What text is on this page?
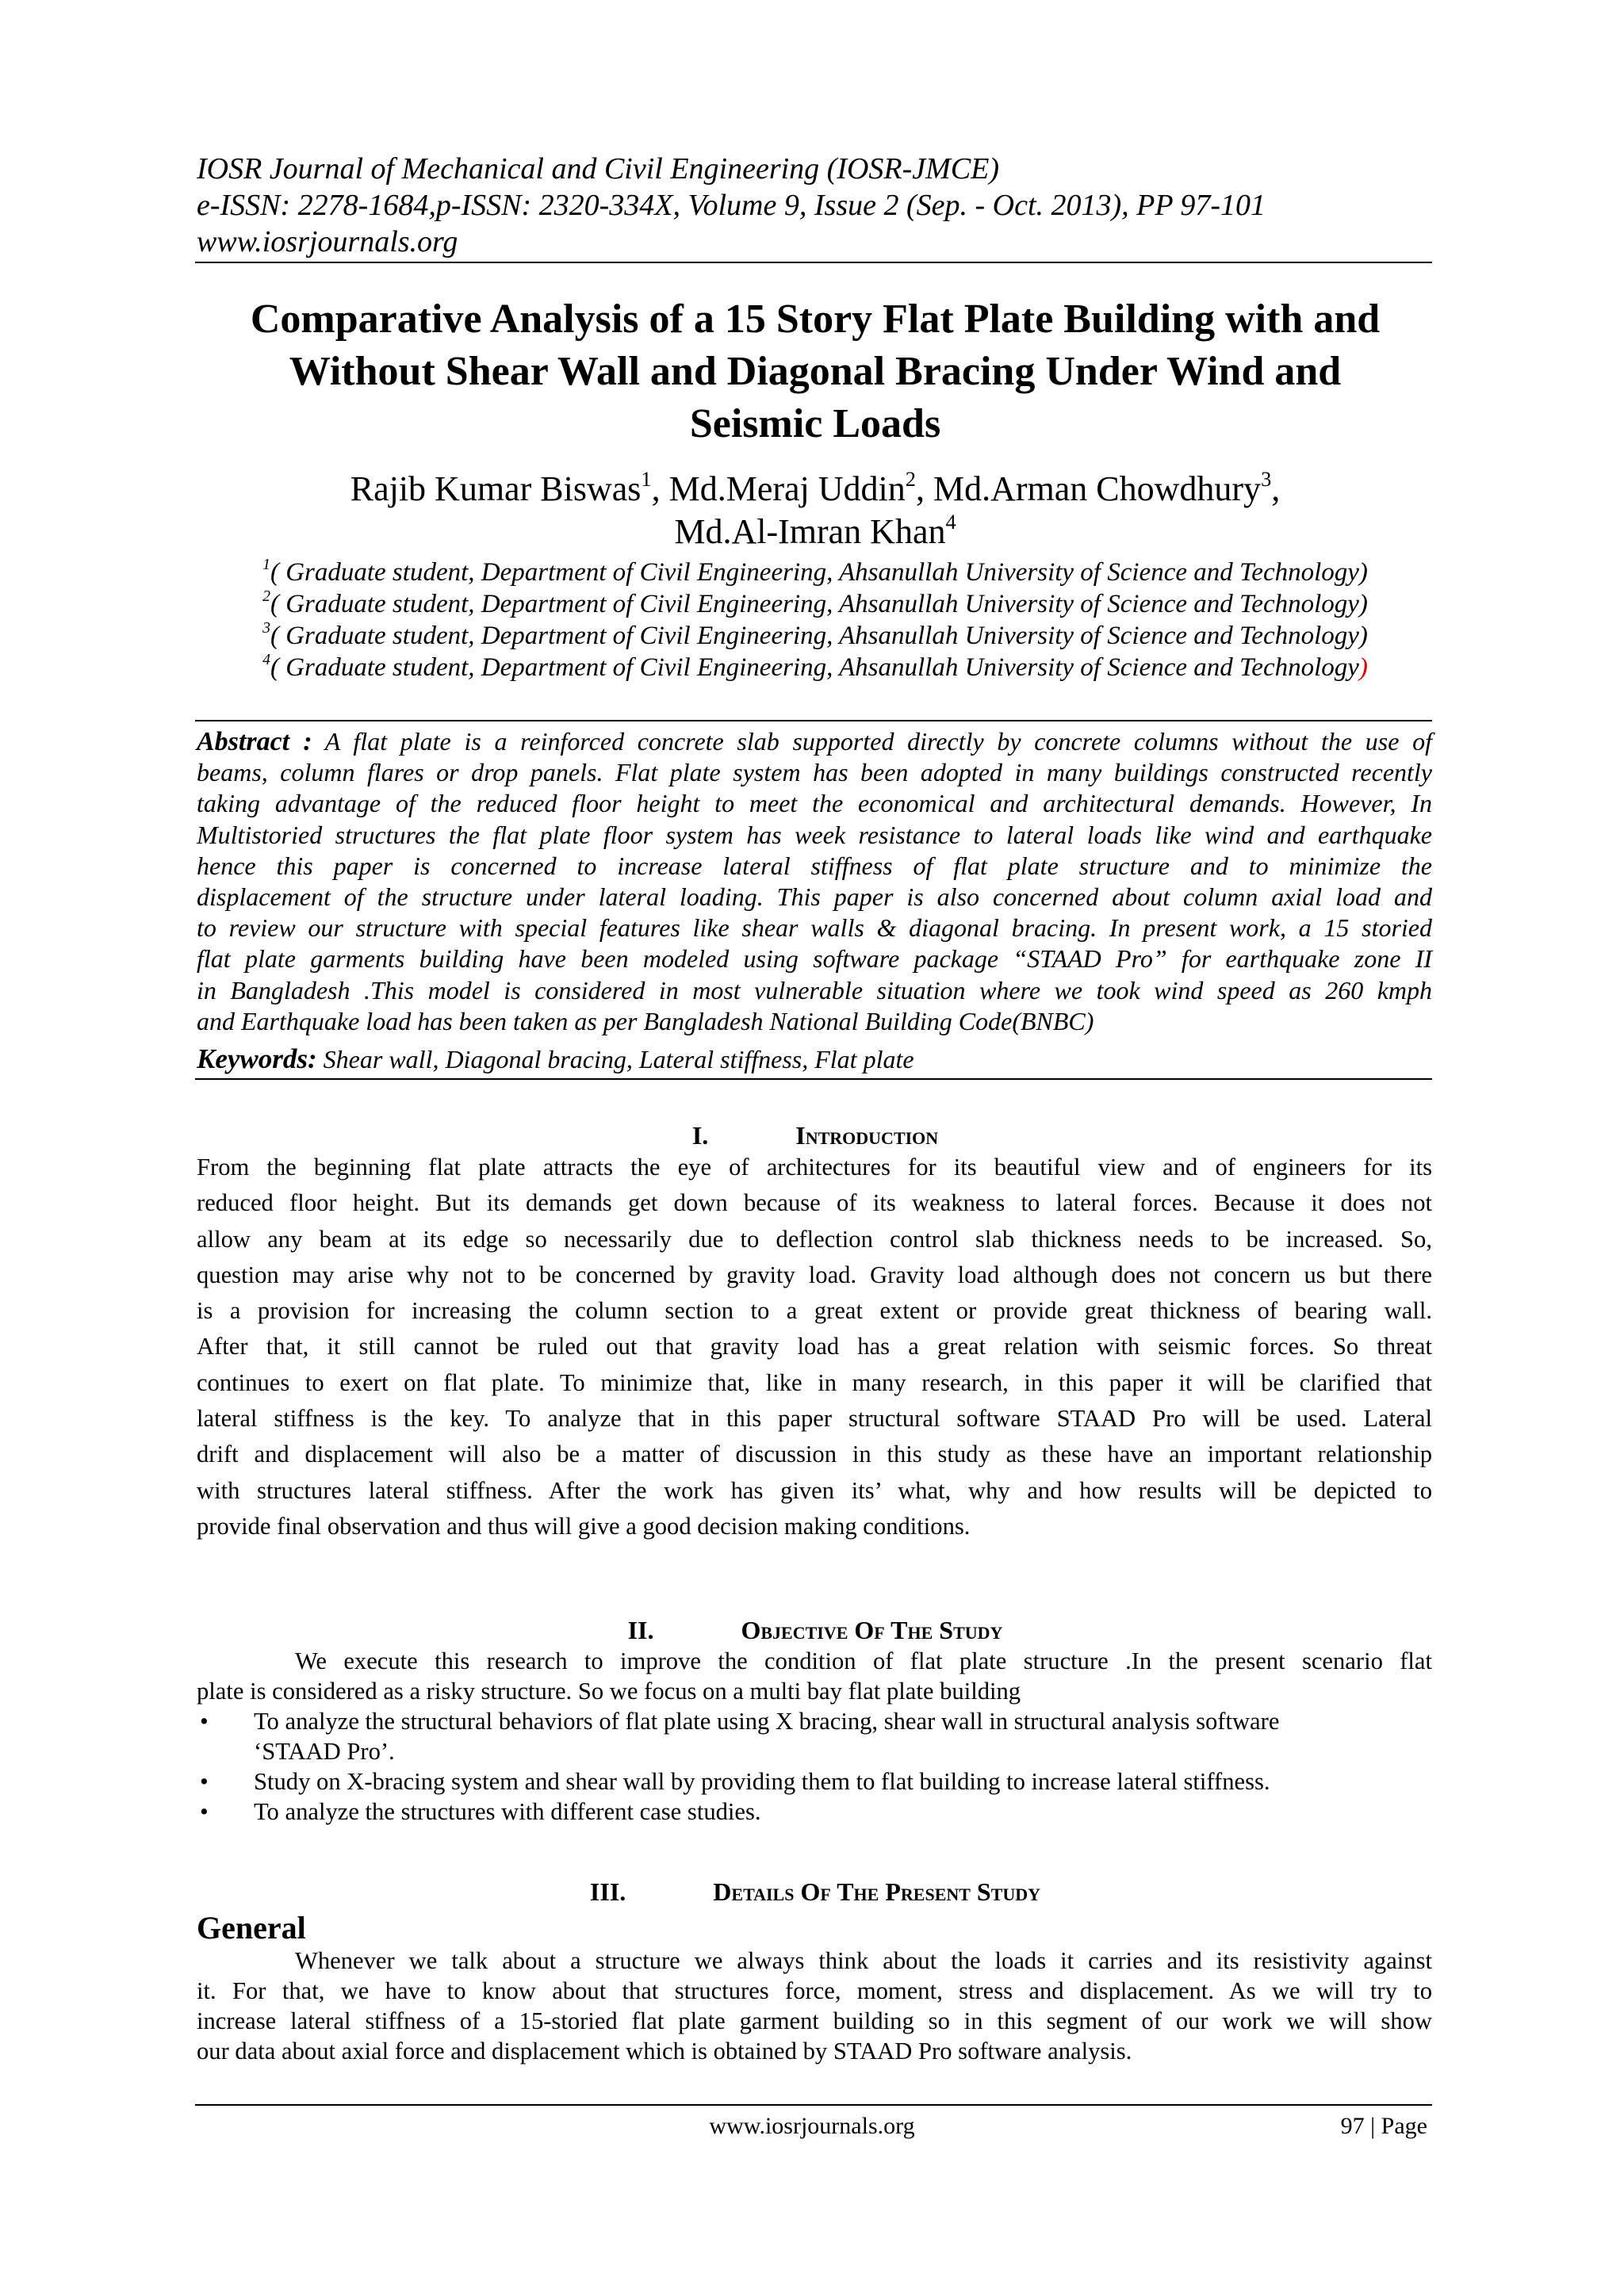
IOSR Journal of Mechanical and Civil Engineering (IOSR-JMCE)
e-ISSN: 2278-1684,p-ISSN: 2320-334X, Volume 9, Issue 2 (Sep. - Oct. 2013), PP 97-101
www.iosrjournals.org
Comparative Analysis of a 15 Story Flat Plate Building with and
Without Shear Wall and Diagonal Bracing Under Wind and
Seismic Loads
Rajib Kumar Biswas$^1$, Md.Meraj Uddin$^2$, Md.Arman Chowdhury$^3$,
Md.Al-Imran Khan$^4$
$^1$( Graduate student, Department of Civil Engineering, Ahsanullah University of Science and Technology)
$^2$( Graduate student, Department of Civil Engineering, Ahsanullah University of Science and Technology)
$^3$( Graduate student, Department of Civil Engineering, Ahsanullah University of Science and Technology)
$^4$( Graduate student, Department of Civil Engineering, Ahsanullah University of Science and Technology)
Abstract : A flat plate is a reinforced concrete slab supported directly by concrete columns without the use of
beams, column flares or drop panels. Flat plate system has been adopted in many buildings constructed recently
taking advantage of the reduced floor height to meet the economical and architectural demands. However, In
Multistoried structures the flat plate floor system has week resistance to lateral loads like wind and earthquake
hence this paper is concerned to increase lateral stiffness of flat plate structure and to minimize the
displacement of the structure under lateral loading. This paper is also concerned about column axial load and
to review our structure with special features like shear walls & diagonal bracing. In present work, a 15 storied
flat plate garments building have been modeled using software package “STAAD Pro” for earthquake zone II
in Bangladesh .This model is considered in most vulnerable situation where we took wind speed as 260 kmph
and Earthquake load has been taken as per Bangladesh National Building Code(BNBC)
Keywords: Shear wall, Diagonal bracing, Lateral stiffness, Flat plate
I.	Introduction
From the beginning flat plate attracts the eye of architectures for its beautiful view and of engineers for its
reduced floor height. But its demands get down because of its weakness to lateral forces. Because it does not
allow any beam at its edge so necessarily due to deflection control slab thickness needs to be increased. So,
question may arise why not to be concerned by gravity load. Gravity load although does not concern us but there
is a provision for increasing the column section to a great extent or provide great thickness of bearing wall.
After that, it still cannot be ruled out that gravity load has a great relation with seismic forces. So threat
continues to exert on flat plate. To minimize that, like in many research, in this paper it will be clarified that
lateral stiffness is the key. To analyze that in this paper structural software STAAD Pro will be used. Lateral
drift and displacement will also be a matter of discussion in this study as these have an important relationship
with structures lateral stiffness. After the work has given its’ what, why and how results will be depicted to
provide final observation and thus will give a good decision making conditions.
II.	Objective Of The Study
We execute this research to improve the condition of flat plate structure .In the present scenario flat
plate is considered as a risky structure. So we focus on a multi bay flat plate building
• To analyze the structural behaviors of flat plate using X bracing, shear wall in structural analysis software
‘STAAD Pro’.
• Study on X-bracing system and shear wall by providing them to flat building to increase lateral stiffness.
• To analyze the structures with different case studies.
III.	Details Of The Present Study
General
Whenever we talk about a structure we always think about the loads it carries and its resistivity against
it. For that, we have to know about that structures force, moment, stress and displacement. As we will try to
increase lateral stiffness of a 15-storied flat plate garment building so in this segment of our work we will show
our data about axial force and displacement which is obtained by STAAD Pro software analysis.
www.iosrjournals.org	97 | Page
